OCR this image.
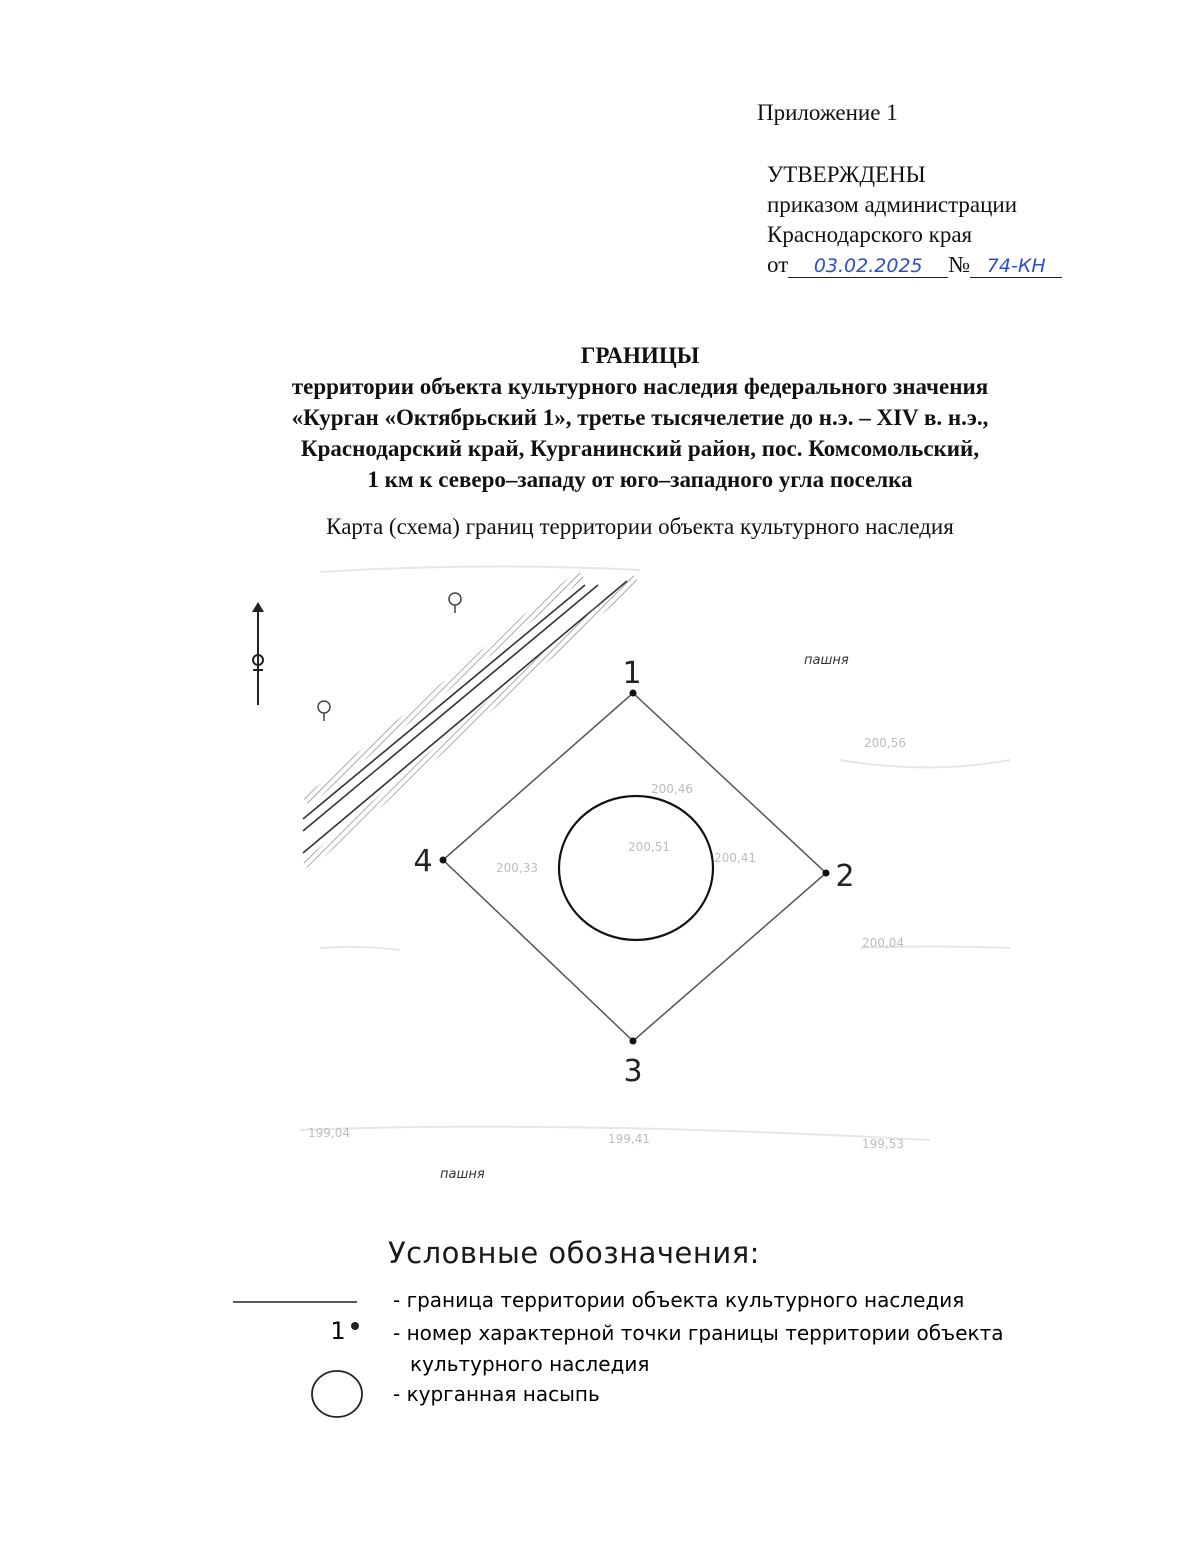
Приложение 1
УТВЕРЖДЕНЫ
приказом администрации
Краснодарского края
от 03.02.2025 № 74-КН
ГРАНИЦЫ
территории объекта культурного наследия федерального значения
«Курган «Октябрьский 1», третье тысячелетие до н.э. – XIV в. н.э.,
Краснодарский край, Курганинский район, пос. Комсомольский,
1 км к северо–западу от юго–западного угла поселка
Карта (схема) границ территории объекта культурного наследия
1
2
3
4
200,56
200,46
200,51
200,41
200,33
200,04
199,04	199,41	199,53
пашня
пашня
1
- граница территории объекта культурного наследия
- номер характерной точки границы территории объекта
культурного наследия
- курганная насыпь
Условные обозначения:
